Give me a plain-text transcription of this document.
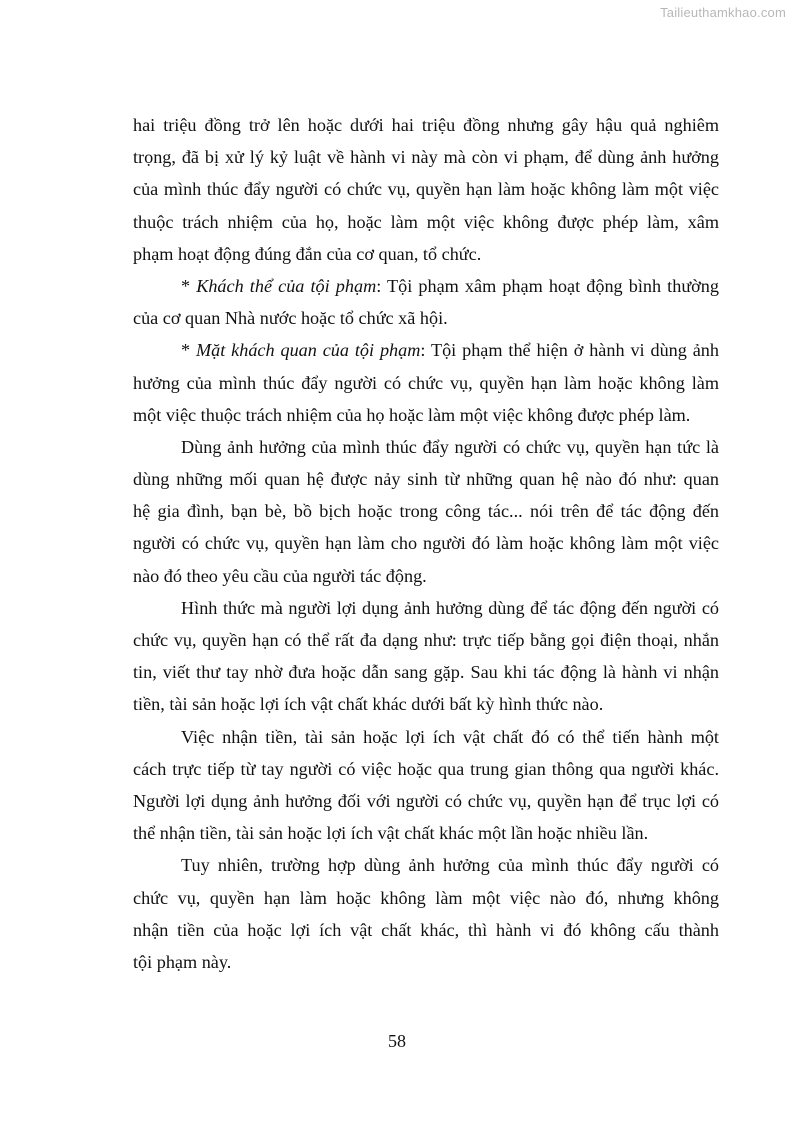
Tailieuthamkhao.com
hai triệu đồng trở lên hoặc dưới hai triệu đồng nhưng gây hậu quả nghiêm
trọng, đã bị xử lý kỷ luật về hành vi này mà còn vi phạm, để dùng ảnh hưởng
của mình thúc đẩy người có chức vụ, quyền hạn làm hoặc không làm một việc
thuộc trách nhiệm của họ, hoặc làm một việc không được phép làm, xâm
phạm hoạt động đúng đắn của cơ quan, tổ chức.
* Khách thể của tội phạm: Tội phạm xâm phạm hoạt động bình thường
của cơ quan Nhà nước hoặc tổ chức xã hội.
* Mặt khách quan của tội phạm: Tội phạm thể hiện ở hành vi dùng ảnh
hưởng của mình thúc đẩy người có chức vụ, quyền hạn làm hoặc không làm
một việc thuộc trách nhiệm của họ hoặc làm một việc không được phép làm.
Dùng ảnh hưởng của mình thúc đẩy người có chức vụ, quyền hạn tức là
dùng những mối quan hệ được nảy sinh từ những quan hệ nào đó như: quan
hệ gia đình, bạn bè, bồ bịch hoặc trong công tác... nói trên để tác động đến
người có chức vụ, quyền hạn làm cho người đó làm hoặc không làm một việc
nào đó theo yêu cầu của người tác động.
Hình thức mà người lợi dụng ảnh hưởng dùng để tác động đến người có
chức vụ, quyền hạn có thể rất đa dạng như: trực tiếp bằng gọi điện thoại, nhắn
tin, viết thư tay nhờ đưa hoặc dẫn sang gặp. Sau khi tác động là hành vi nhận
tiền, tài sản hoặc lợi ích vật chất khác dưới bất kỳ hình thức nào.
Việc nhận tiền, tài sản hoặc lợi ích vật chất đó có thể tiến hành một
cách trực tiếp từ tay người có việc hoặc qua trung gian thông qua người khác.
Người lợi dụng ảnh hưởng đối với người có chức vụ, quyền hạn để trục lợi có
thể nhận tiền, tài sản hoặc lợi ích vật chất khác một lần hoặc nhiều lần.
Tuy nhiên, trường hợp dùng ảnh hưởng của mình thúc đẩy người có
chức vụ, quyền hạn làm hoặc không làm một việc nào đó, nhưng không
nhận tiền của hoặc lợi ích vật chất khác, thì hành vi đó không cấu thành
tội phạm này.
58
